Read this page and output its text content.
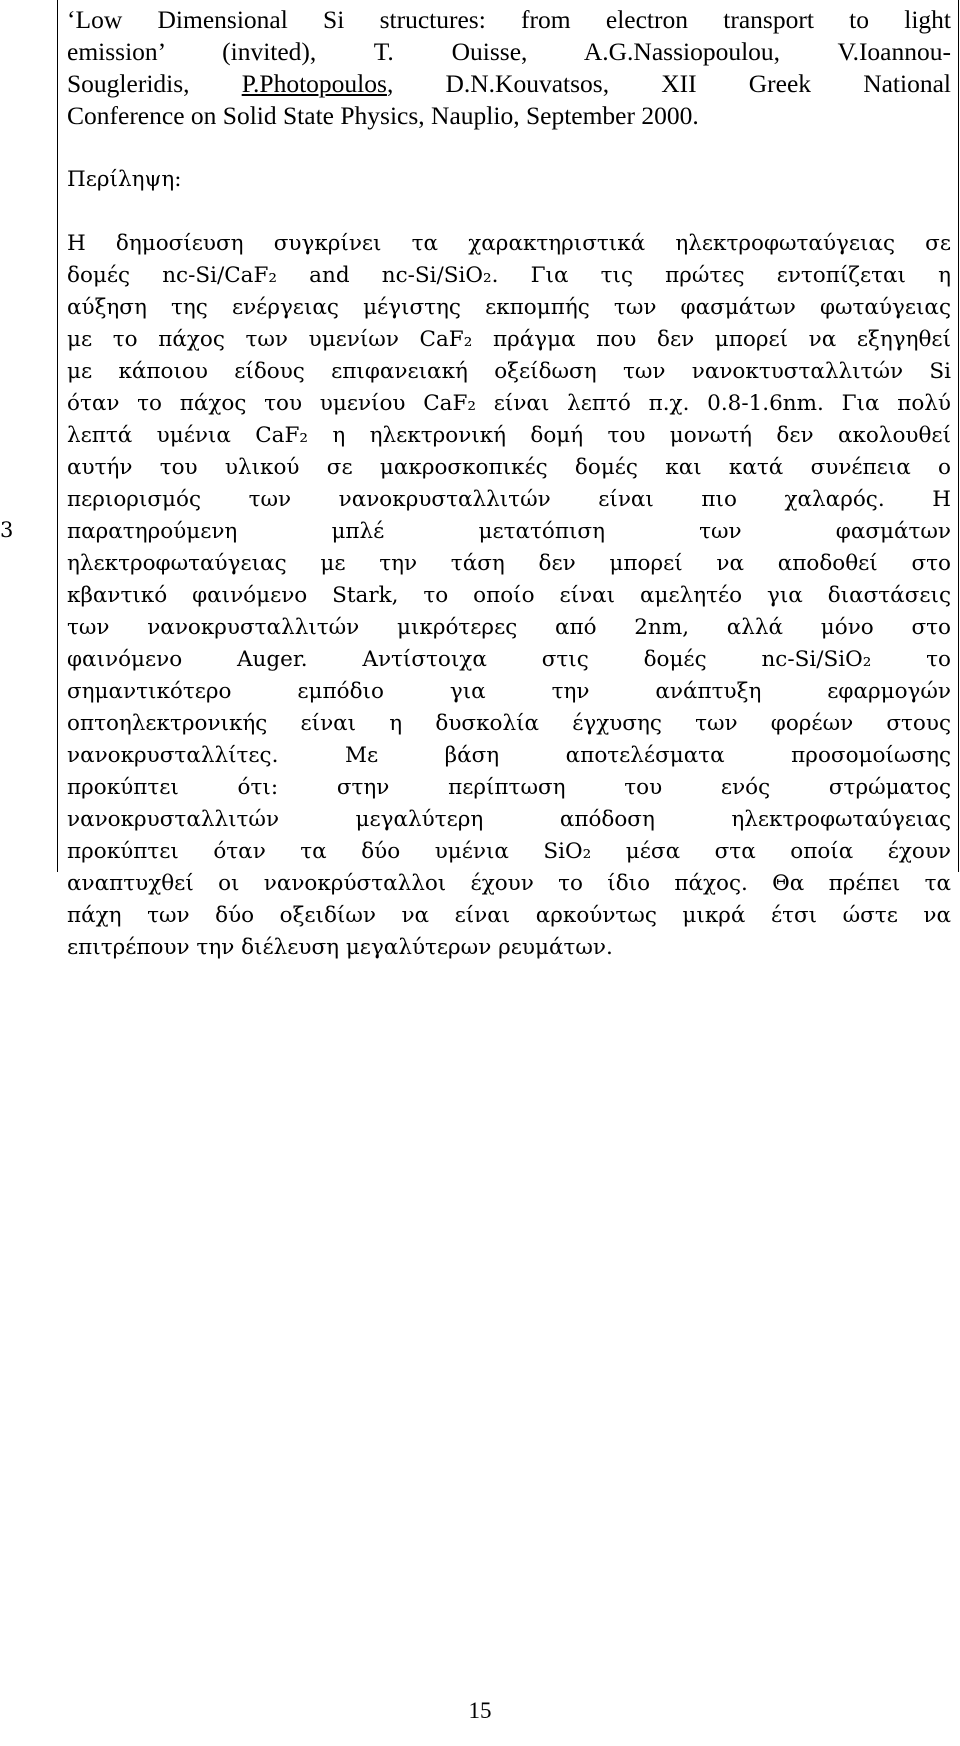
3
‘Low Dimensional Si structures: from electron transport to light
emission’ (invited), T. Ouisse, A.G.Nassiopoulou, V.Ioannou-
Sougleridis, P.Photopoulos, D.N.Kouvatsos, XII Greek National
Conference on Solid State Physics, Nauplio, September 2000.
Περίληψη:
Η δημοσίευση συγκρίνει τα χαρακτηριστικά ηλεκτροφωταύγειας σε
δομές nc-Si/CaF₂ and nc-Si/SiO₂. Για τις πρώτες εντοπίζεται η
αύξηση της ενέργειας μέγιστης εκπομπής των φασμάτων φωταύγειας
με το πάχος των υμενίων CaF₂ πράγμα που δεν μπορεί να εξηγηθεί
με κάποιου είδους επιφανειακή οξείδωση των νανοκτυσταλλιτών Si
όταν το πάχος του υμενίου CaF₂ είναι λεπτό π.χ. 0.8-1.6nm. Για πολύ
λεπτά υμένια CaF₂ η ηλεκτρονική δομή του μονωτή δεν ακολουθεί
αυτήν του υλικού σε μακροσκοπικές δομές και κατά συνέπεια ο
περιορισμός των νανοκρυσταλλιτών είναι πιο χαλαρός. Η
παρατηρούμενη μπλέ μετατόπιση των φασμάτων
ηλεκτροφωταύγειας με την τάση δεν μπορεί να αποδοθεί στο
κβαντικό φαινόμενο Stark, το οποίο είναι αμελητέο για διαστάσεις
των νανοκρυσταλλιτών μικρότερες από 2nm, αλλά μόνο στο
φαινόμενο Auger. Αντίστοιχα στις δομές nc-Si/SiO₂ το
σημαντικότερο εμπόδιο για την ανάπτυξη εφαρμογών
οπτοηλεκτρονικής είναι η δυσκολία έγχυσης των φορέων στους
νανοκρυσταλλίτες. Με βάση αποτελέσματα προσομοίωσης
προκύπτει ότι: στην περίπτωση του ενός στρώματος
νανοκρυσταλλιτών μεγαλύτερη απόδοση ηλεκτροφωταύγειας
προκύπτει όταν τα δύο υμένια SiO₂ μέσα στα οποία έχουν
αναπτυχθεί οι νανοκρύσταλλοι έχουν το ίδιο πάχος. Θα πρέπει τα
πάχη των δύο οξειδίων να είναι αρκούντως μικρά έτσι ώστε να
επιτρέπουν την διέλευση μεγαλύτερων ρευμάτων.
15
